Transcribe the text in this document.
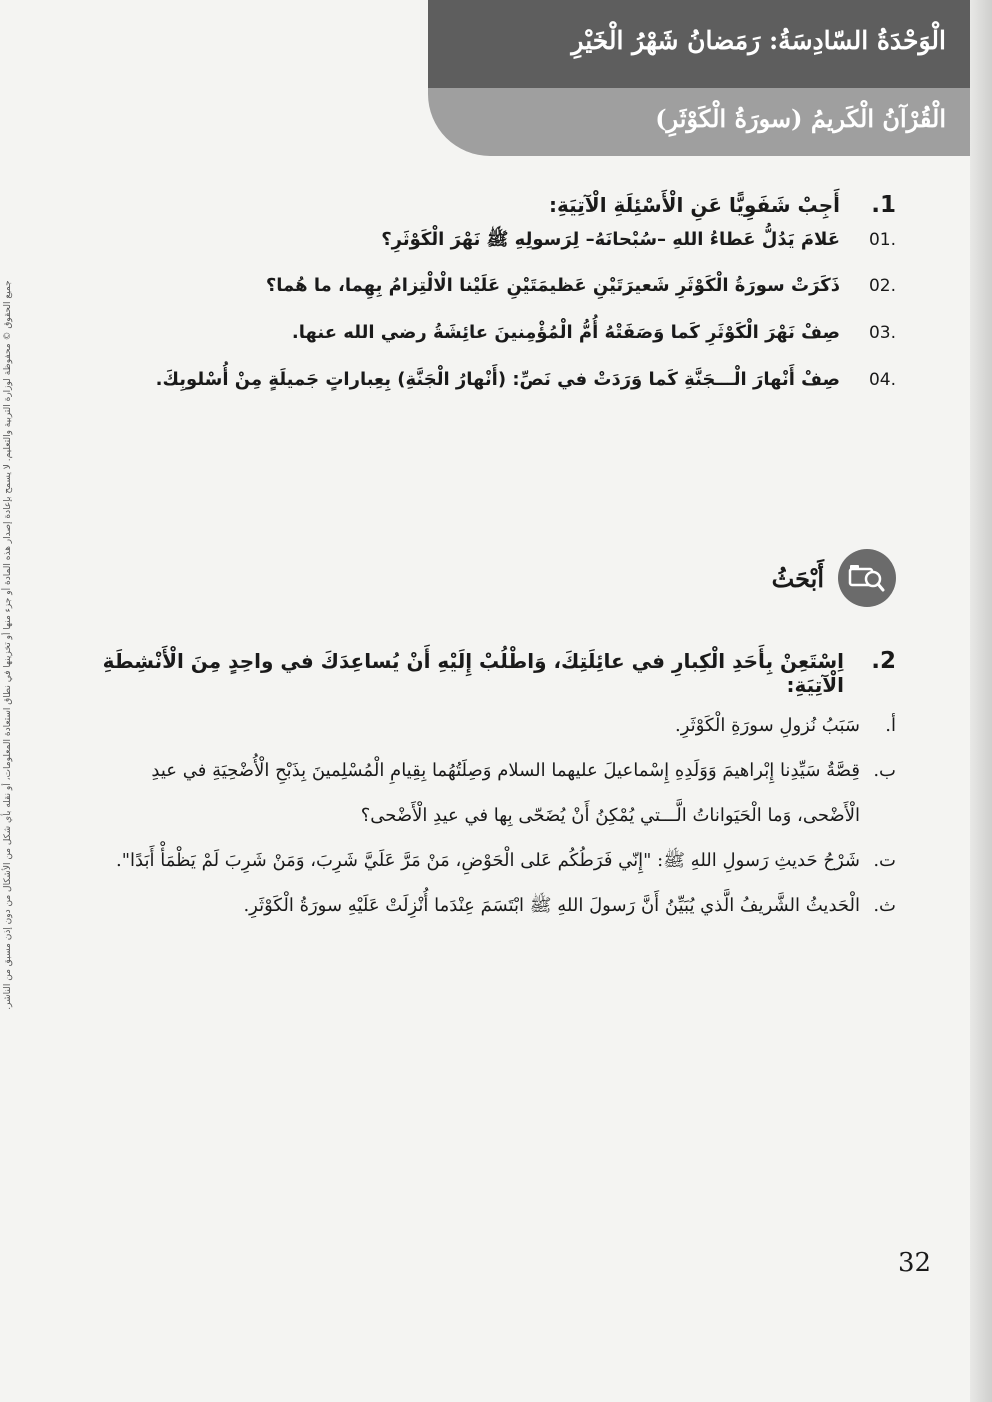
الْوَحْدَةُ السّادِسَةُ: رَمَضانُ شَهْرُ الْخَيْرِ
الْقُرْآنُ الْكَريمُ (سورَةُ الْكَوْثَرِ)
جميع الحقوق © محفوظة لوزارة التربية والتعليم. لا يسمح بإعادة إصدار هذه المادة أو جزء منها أو تخزينها في نطاق استعادة المعلومات، أو نقله بأي شكل من الأشكال من دون إذن مسبق من الناشر.
1.
أَجِبْ شَفَوِيًّا عَنِ الْأَسْئِلَةِ الْآتِيَةِ:
.01
عَلامَ يَدُلُّ عَطاءُ اللهِ –سُبْحانَهُ– لِرَسولِهِ ﷺ نَهْرَ الْكَوْثَرِ؟
.02
ذَكَرَتْ سورَةُ الْكَوْثَرِ شَعيرَتَيْنِ عَظيمَتَيْنِ عَلَيْنا الْالْتِزامُ بِهِما، ما هُما؟
.03
صِفْ نَهْرَ الْكَوْثَرِ كَما وَصَفَتْهُ أُمُّ الْمُؤْمِنينَ عائِشَةُ رضي الله عنها.
.04
صِفْ أَنْهارَ الْـــجَنَّةِ كَما وَرَدَتْ في نَصِّ: (أَنْهارُ الْجَنَّةِ) بِعِباراتٍ جَميلَةٍ مِنْ أُسْلوبِكَ.
أَبْحَثُ
2.
اِسْتَعِنْ بِأَحَدِ الْكِبارِ في عائِلَتِكَ، وَاطْلُبْ إِلَيْهِ أَنْ يُساعِدَكَ في واحِدٍ مِنَ الْأَنْشِطَةِ الْآتِيَةِ:
أ.
سَبَبُ نُزولِ سورَةِ الْكَوْثَرِ.
ب.
قِصَّةُ سَيِّدِنا إِبْراهيمَ وَوَلَدِهِ إِسْماعيلَ عليهما السلام وَصِلَتُهُما بِقِيامِ الْمُسْلِمينَ بِذَبْحِ الْأُضْحِيَةِ في عيدِ الْأَضْحى، وَما الْحَيَواناتُ الَّـــتي يُمْكِنُ أَنْ يُضَحّى بِها في عيدِ الْأَضْحى؟
ت.
شَرْحُ حَديثِ رَسولِ اللهِ ﷺ: "إِنّي فَرَطُكُم عَلى الْحَوْضِ، مَنْ مَرَّ عَلَيَّ شَرِبَ، وَمَنْ شَرِبَ لَمْ يَظْمَأْ أَبَدًا".
ث.
الْحَديثُ الشَّريفُ الَّذي يُبَيِّنُ أَنَّ رَسولَ اللهِ ﷺ ابْتَسَمَ عِنْدَما أُنْزِلَتْ عَلَيْهِ سورَةُ الْكَوْثَرِ.
32
